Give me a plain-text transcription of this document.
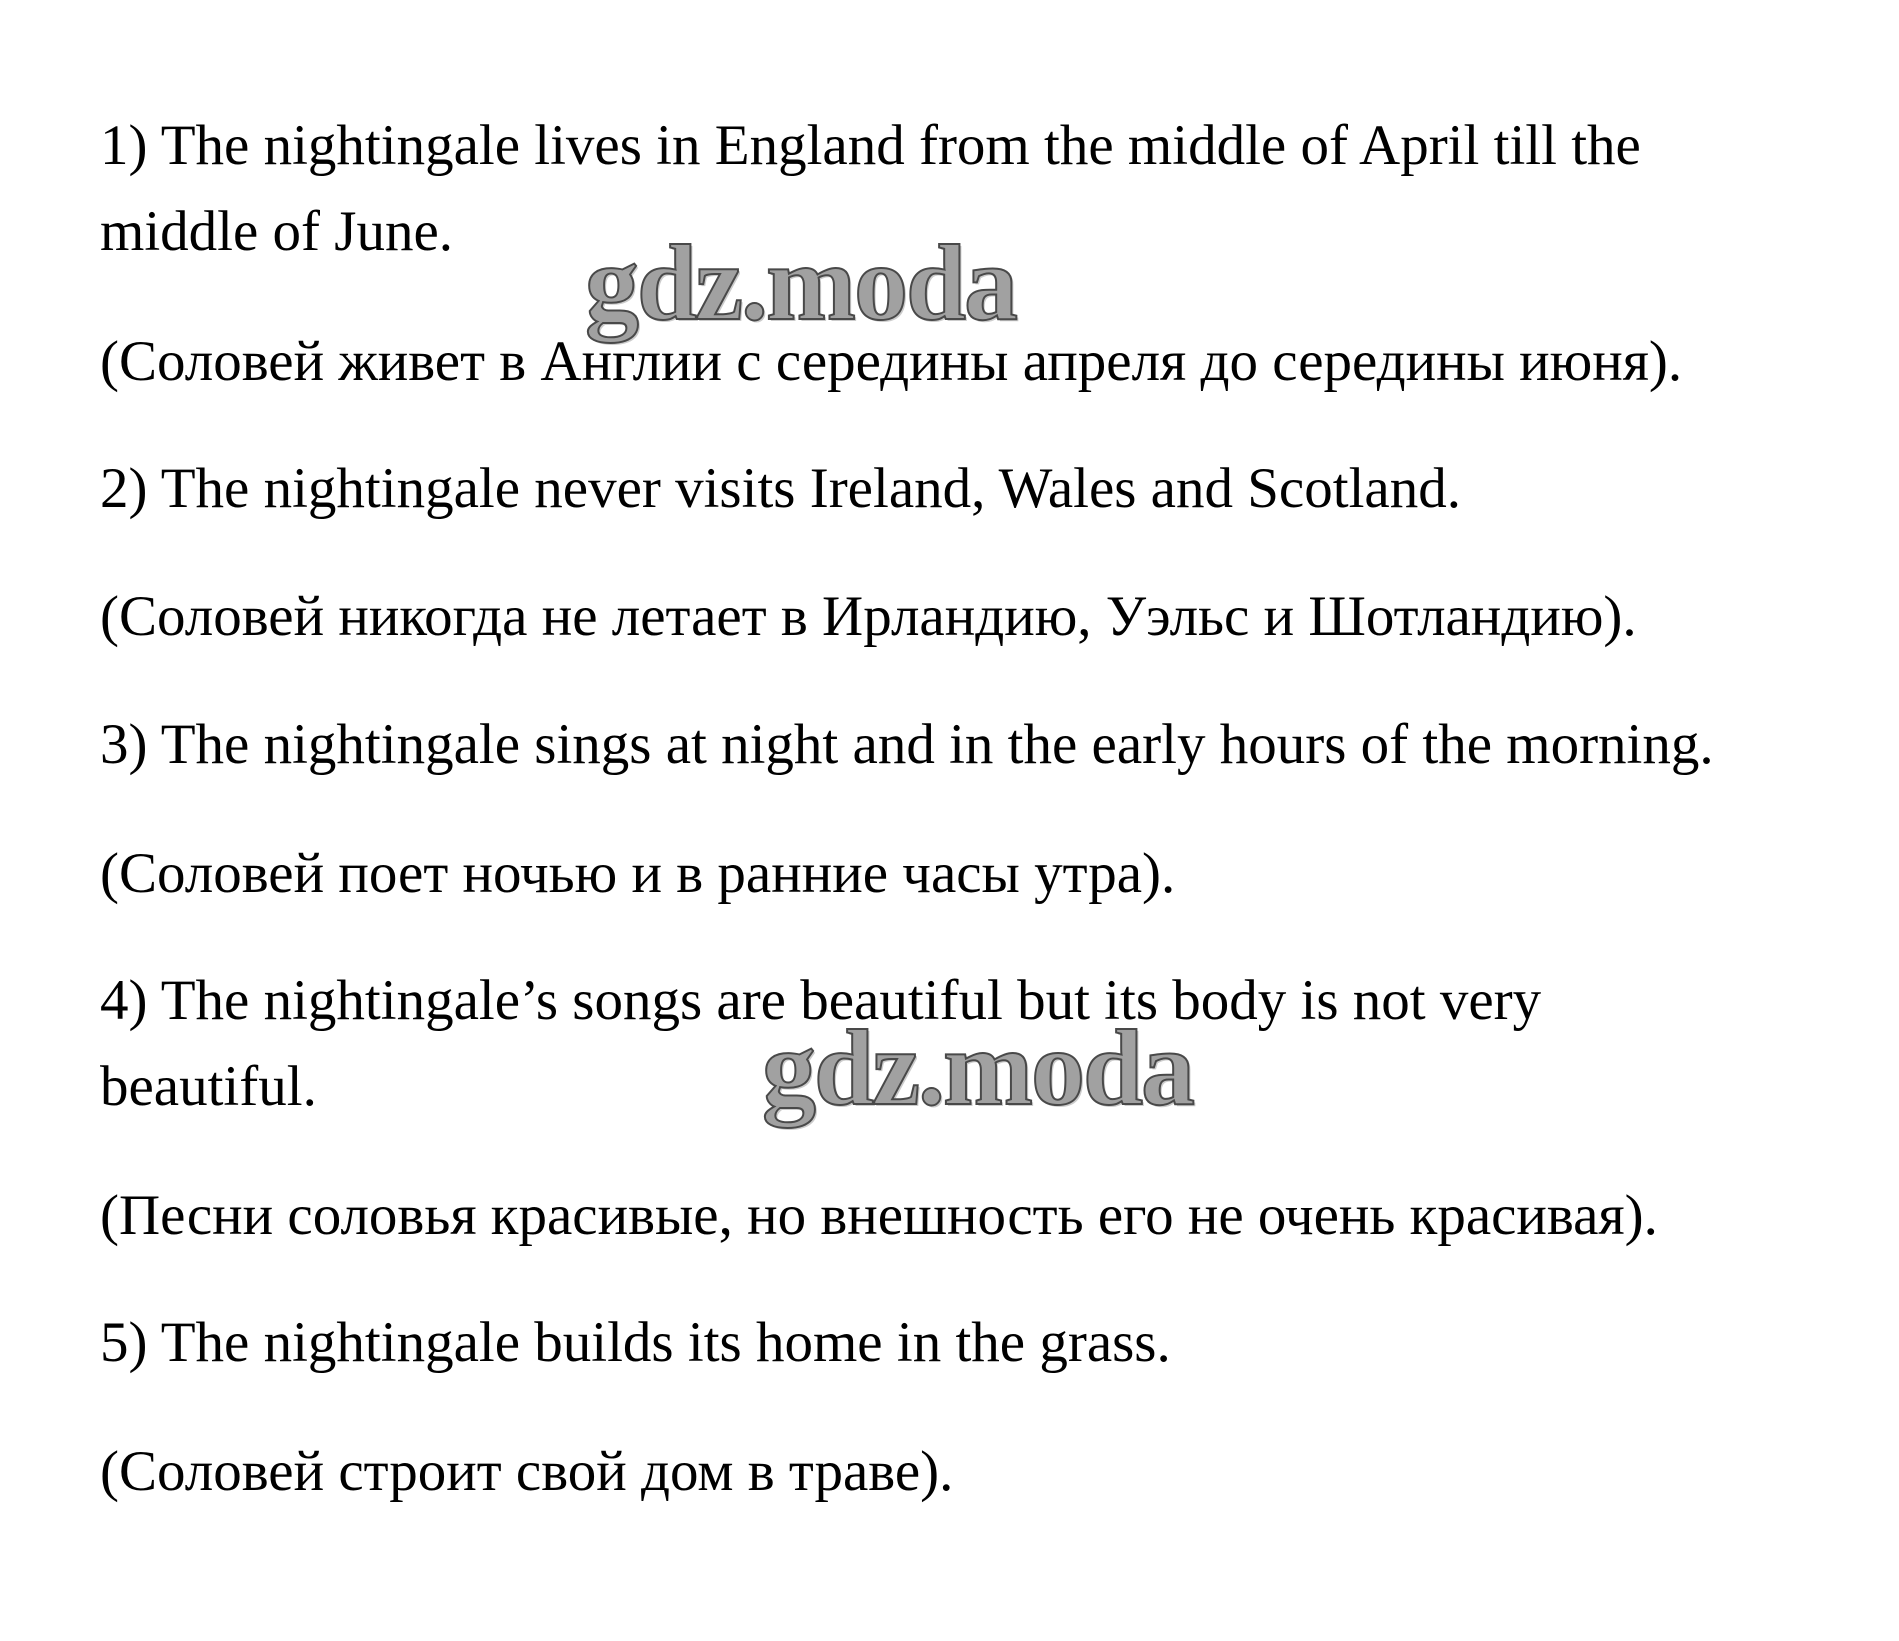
1) The nightingale lives in England from the middle of April till the
middle of June.
(Соловей живет в Англии с середины апреля до середины июня).
2) The nightingale never visits Ireland, Wales and Scotland.
(Соловей никогда не летает в Ирландию, Уэльс и Шотландию).
3) The nightingale sings at night and in the early hours of the morning.
(Соловей поет ночью и в ранние часы утра).
4) The nightingale’s songs are beautiful but its body is not very
beautiful.
(Песни соловья красивые, но внешность его не очень красивая).
5) The nightingale builds its home in the grass.
(Соловей строит свой дом в траве).
gdz.moda
gdz.moda
